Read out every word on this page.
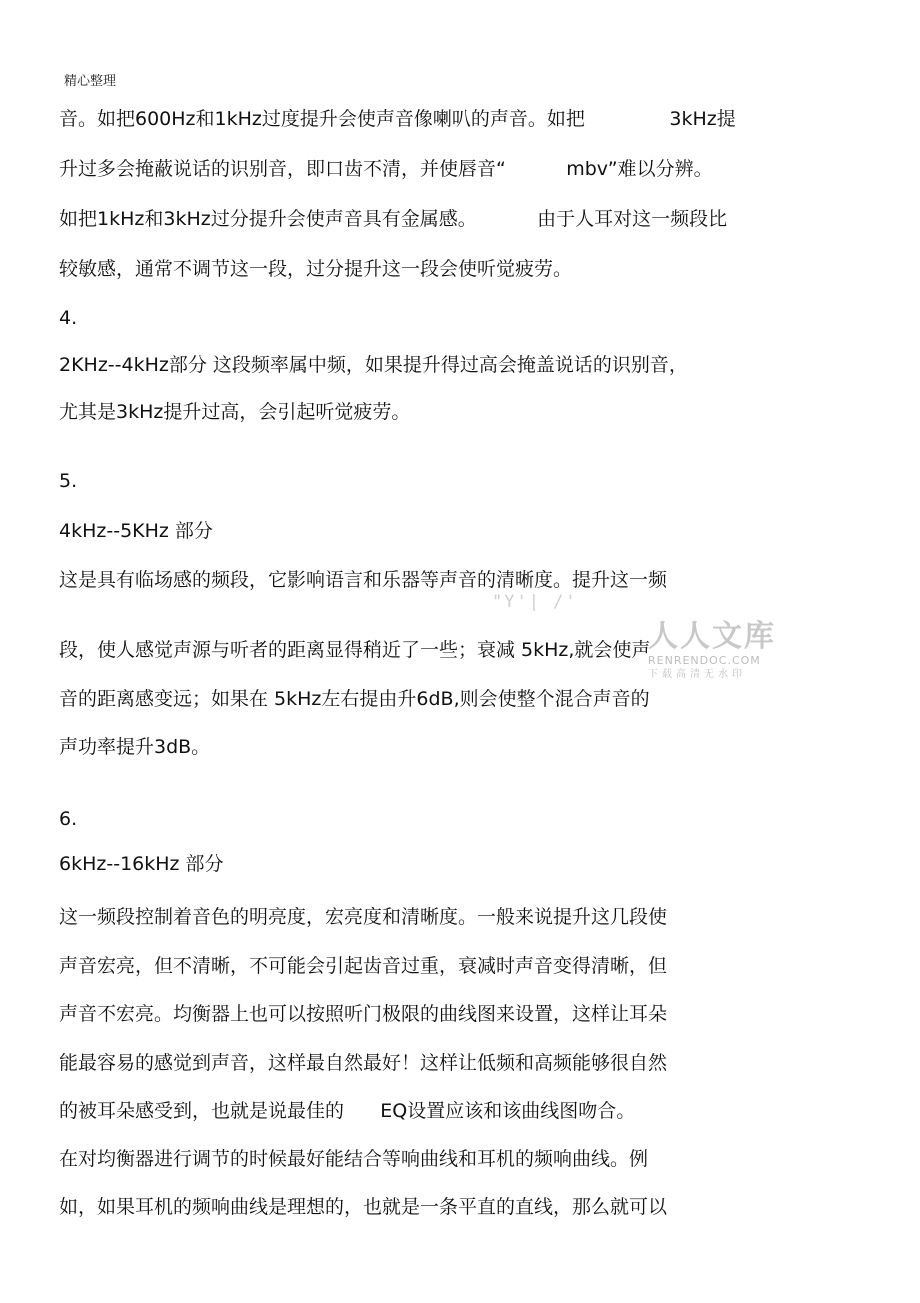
精心整理
音。如把600Hz和1kHz过度提升会使声音像喇叭的声音。如把              3kHz提
升过多会掩蔽说话的识别音，即口齿不清，并使唇音“          mbv”难以分辨。
如把1kHz和3kHz过分提升会使声音具有金属感。          由于人耳对这一频段比
较敏感，通常不调节这一段，过分提升这一段会使听觉疲劳。
4.
2KHz--4kHz部分 这段频率属中频，如果提升得过高会掩盖说话的识别音，
尤其是3kHz提升过高，会引起听觉疲劳。
5.
4kHz--5KHz 部分
这是具有临场感的频段，它影响语言和乐器等声音的清晰度。提升这一频
段，使人感觉声源与听者的距离显得稍近了一些；衰减 5kHz,就会使声
音的距离感变远；如果在 5kHz左右提由升6dB,则会使整个混合声音的
声功率提升3dB。
6.
6kHz--16kHz 部分
这一频段控制着音色的明亮度，宏亮度和清晰度。一般来说提升这几段使
声音宏亮，但不清晰，不可能会引起齿音过重，衰减时声音变得清晰，但
声音不宏亮。均衡器上也可以按照听门极限的曲线图来设置，这样让耳朵
能最容易的感觉到声音，这样最自然最好！这样让低频和高频能够很自然
的被耳朵感受到，也就是说最佳的      EQ设置应该和该曲线图吻合。
在对均衡器进行调节的时候最好能结合等响曲线和耳机的频响曲线。例
如，如果耳机的频响曲线是理想的，也就是一条平直的直线，那么就可以
"Y'| /'
人人文库
RENRENDOC.COM
下载高清无水印
